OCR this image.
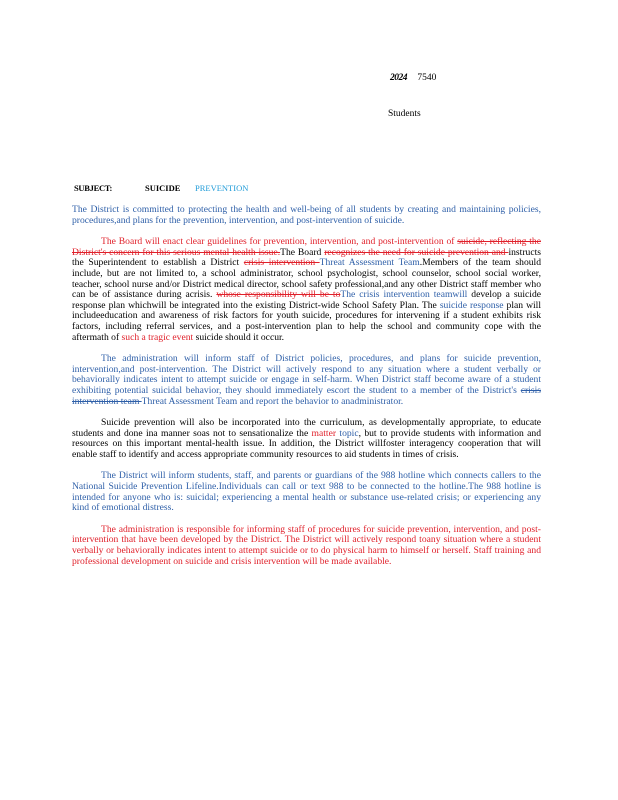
2024 7540
Students
SUBJECT:	SUICIDE PREVENTION

The District is committed to protecting the health and well-being of all students by creating and maintaining policies, procedures,and plans for the prevention, intervention, and post-intervention of suicide.

The Board will enact clear guidelines for prevention, intervention, and post-intervention of suicide, reflecting the District's concern for this serious mental health issue.The Board recognizes the need for suicide prevention and instructs the Superintendent to establish a District crisis intervention Threat Assessment Team.Members of the team should include, but are not limited to, a school administrator, school psychologist, school counselor, school social worker, teacher, school nurse and/or District medical director, school safety professional,and any other District staff member who can be of assistance during acrisis. whose responsibility will be toThe crisis intervention teamwill develop a suicide response plan whichwill be integrated into the existing District-wide School Safety Plan. The suicide response plan will includeeducation and awareness of risk factors for youth suicide, procedures for intervening if a student exhibits risk factors, including referral services, and a post-intervention plan to help the school and community cope with the aftermath of such a tragic event suicide should it occur.

The administration will inform staff of District policies, procedures, and plans for suicide prevention, intervention,and post-intervention. The District will actively respond to any situation where a student verbally or behaviorally indicates intent to attempt suicide or engage in self-harm. When District staff become aware of a student exhibiting potential suicidal behavior, they should immediately escort the student to a member of the District's crisis intervention team Threat Assessment Team and report the behavior to anadministrator.

Suicide prevention will also be incorporated into the curriculum, as developmentally appropriate, to educate students and done ina manner soas not to sensationalize the matter topic, but to provide students with information and resources on this important mental-health issue. In addition, the District willfoster interagency cooperation that will enable staff to identify and access appropriate community resources to aid students in times of crisis.

The District will inform students, staff, and parents or guardians of the 988 hotline which connects callers to the National Suicide Prevention Lifeline.Individuals can call or text 988 to be connected to the hotline.The 988 hotline is intended for anyone who is: suicidal; experiencing a mental health or substance use-related crisis; or experiencing any kind of emotional distress.

The administration is responsible for informing staff of procedures for suicide prevention, intervention, and post-intervention that have been developed by the District. The District will actively respond toany situation where a student verbally or behaviorally indicates intent to attempt suicide or to do physical harm to himself or herself. Staff training and professional development on suicide and crisis intervention will be made available.
